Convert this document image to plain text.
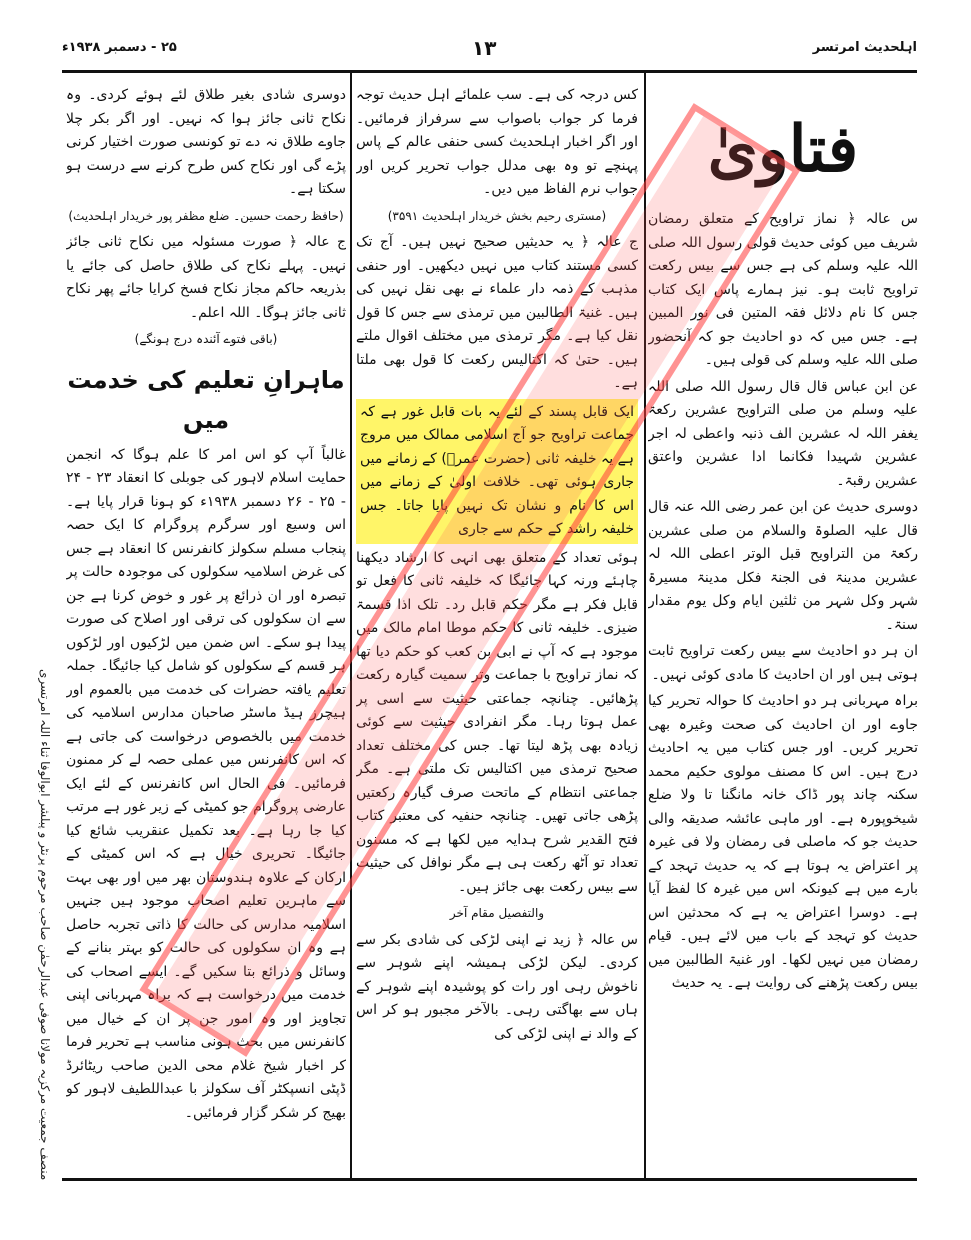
۲۵ - دسمبر ۱۹۳۸ء	۱۳	اہلحدیث امرتسر
فتاویٰ

س عالہ ﴿ نماز تراویح کے متعلق رمضان شریف میں کوئی حدیث قولی رسول اللہ صلی اللہ علیہ وسلم کی ہے جس سے بیس رکعت تراویح ثابت ہو۔ نیز ہمارے پاس ایک کتاب جس کا نام دلائل فقہ المتین فی نور المبین ہے۔ جس میں کہ دو احادیث جو کہ آنحضور صلی اللہ علیہ وسلم کی قولی ہیں۔

عن ابن عباس قال قال رسول اللہ صلی اللہ علیہ وسلم من صلی التراویح عشرین رکعۃ یغفر اللہ لہ عشرین الف ذنبہ واعطی لہ اجر عشرین شہیدا فکانما ادا عشرین واعتق عشرین رقبۃ۔

دوسری حدیث عن ابن عمر رضی اللہ عنہ قال قال علیہ الصلوۃ والسلام من صلی عشرین رکعۃ من التراویح قبل الوتر اعطی اللہ لہ عشرین مدینۃ فی الجنۃ فکل مدینۃ مسیرۃ شہر وکل شہر من ثلثین ایام وکل یوم مقدار سنۃ۔

ان ہر دو احادیث سے بیس رکعت تراویح ثابت ہوتی ہیں اور ان احادیث کا مادی کوئی نہیں۔

براہ مہربانی ہر دو احادیث کا حوالہ تحریر کیا جاوے اور ان احادیث کی صحت وغیرہ بھی تحریر کریں۔ اور جس کتاب میں یہ احادیث درج ہیں۔ اس کا مصنف مولوی حکیم محمد سکنہ چاند پور ڈاک خانہ مانگنا تا ولا ضلع شیخوپورہ ہے۔ اور ماہی عائشہ صدیقہ والی حدیث جو کہ ماصلی فی رمضان ولا فی غیرہ پر اعتراض یہ ہوتا ہے کہ یہ حدیث تہجد کے بارے میں ہے کیونکہ اس میں غیرہ کا لفظ آیا ہے۔ دوسرا اعتراض یہ ہے کہ محدثین اس حدیث کو تہجد کے باب میں لائے ہیں۔ قیام رمضان میں نہیں لکھا۔ اور غنیۃ الطالبین میں بیس رکعت پڑھنے کی روایت ہے۔ یہ حدیث

کس درجہ کی ہے۔ سب علمائے اہل حدیث توجہ فرما کر جواب باصواب سے سرفراز فرمائیں۔ اور اگر اخبار اہلحدیث کسی حنفی عالم کے پاس پہنچے تو وہ بھی مدلل جواب تحریر کریں اور جواب نرم الفاظ میں دیں۔

(مستری رحیم بخش خریدار اہلحدیث ۳۵۹۱)

ج عالہ ﴿ یہ حدیثیں صحیح نہیں ہیں۔ آج تک کسی مستند کتاب میں نہیں دیکھیں۔ اور حنفی مذہب کے ذمہ دار علماء نے بھی نقل نہیں کی ہیں۔ غنیۃ الطالبین میں ترمذی سے جس کا قول نقل کیا ہے۔ مگر ترمذی میں مختلف اقوال ملتے ہیں۔ حتیٰ کہ اکتالیس رکعت کا قول بھی ملتا ہے۔

ایک قابل پسند کے لئے یہ بات قابل غور ہے کہ جماعت تراویح جو آج اسلامی ممالک میں مروج ہے یہ خلیفہ ثانی (حضرت عمرؓ) کے زمانے میں جاری ہوئی تھی۔ خلافت اولیٰ کے زمانے میں اس کا نام و نشان تک نہیں پایا جاتا۔ جس خلیفہ راشد کے حکم سے جاری

ہوئی تعداد کے متعلق بھی انہی کا ارشاد دیکھنا چاہئے ورنہ کہا جائیگا کہ خلیفہ ثانی کا فعل تو قابل فکر ہے مگر حکم قابل رد۔ تلک اذا قسمۃ ضیزی۔ خلیفہ ثانی کا حکم موطا امام مالک میں موجود ہے کہ آپ نے ابی بن کعب کو حکم دیا تھا کہ نماز تراویح با جماعت وتر سمیت گیارہ رکعت پڑھائیں۔ چنانچہ جماعتی حیثیت سے اسی پر عمل ہوتا رہا۔ مگر انفرادی حیثیت سے کوئی زیادہ بھی پڑھ لیتا تھا۔ جس کی مختلف تعداد صحیح ترمذی میں اکتالیس تک ملتی ہے۔ مگر جماعتی انتظام کے ماتحت صرف گیارہ رکعتیں پڑھی جاتی تھیں۔ چنانچہ حنفیہ کی معتبر کتاب فتح القدیر شرح ہدایہ میں لکھا ہے کہ مسنون تعداد تو آٹھ رکعت ہی ہے مگر نوافل کی حیثیت سے بیس رکعت بھی جائز ہیں۔

والتفصیل مقام آخر

س عالہ ﴿ زید نے اپنی لڑکی کی شادی بکر سے کردی۔ لیکن لڑکی ہمیشہ اپنے شوہر سے ناخوش رہی اور رات کو پوشیدہ اپنے شوہر کے ہاں سے بھاگتی رہی۔ بالآخر مجبور ہو کر اس کے والد نے اپنی لڑکی کی

دوسری شادی بغیر طلاق لئے ہوئے کردی۔ وہ نکاح ثانی جائز ہوا کہ نہیں۔ اور اگر بکر چلا جاوے طلاق نہ دے تو کونسی صورت اختیار کرنی پڑے گی اور نکاح کس طرح کرنے سے درست ہو سکتا ہے۔

(حافظ رحمت حسین۔ ضلع مظفر پور خریدار اہلحدیث)

ج عالہ ﴿ صورت مسئولہ میں نکاح ثانی جائز نہیں۔ پہلے نکاح کی طلاق حاصل کی جائے یا بذریعہ حاکم مجاز نکاح فسخ کرایا جائے پھر نکاح ثانی جائز ہوگا۔ اللہ اعلم۔

(باقی فتوے آئندہ درج ہونگے)

ماہرانِ تعلیم کی خدمت میں

غالباً آپ کو اس امر کا علم ہوگا کہ انجمن حمایت اسلام لاہور کی جوبلی کا انعقاد ۲۳ - ۲۴ - ۲۵ - ۲۶ دسمبر ۱۹۳۸ء کو ہونا قرار پایا ہے۔ اس وسیع اور سرگرم پروگرام کا ایک حصہ پنجاب مسلم سکولز کانفرنس کا انعقاد ہے جس کی غرض اسلامیہ سکولوں کی موجودہ حالت پر تبصرہ اور ان ذرائع پر غور و خوض کرنا ہے جن سے ان سکولوں کی ترقی اور اصلاح کی صورت پیدا ہو سکے۔ اس ضمن میں لڑکیوں اور لڑکوں ہر قسم کے سکولوں کو شامل کیا جائیگا۔ جملہ تعلیم یافتہ حضرات کی خدمت میں بالعموم اور ہیچرز ہیڈ ماسٹر صاحبان مدارس اسلامیہ کی خدمت میں بالخصوص درخواست کی جاتی ہے کہ اس کانفرنس میں عملی حصہ لے کر ممنون فرمائیں۔ فی الحال اس کانفرنس کے لئے ایک عارضی پروگرام جو کمیٹی کے زیر غور ہے مرتب کیا جا رہا ہے۔ بعد تکمیل عنقریب شائع کیا جائیگا۔ تحریری خیال ہے کہ اس کمیٹی کے ارکان کے علاوہ ہندوستان بھر میں اور بھی بہت سے ماہرین تعلیم اصحاب موجود ہیں جنہیں اسلامیہ مدارس کی حالت کا ذاتی تجربہ حاصل ہے وہ ان سکولوں کی حالت کو بہتر بنانے کے وسائل و ذرائع بتا سکیں گے۔ ایسے اصحاب کی خدمت میں درخواست ہے کہ براہ مہربانی اپنی تجاویز اور وہ امور جن پر ان کے خیال میں کانفرنس میں بحث ہونی مناسب ہے تحریر فرما کر اخبار شیخ غلام محی الدین صاحب ریٹائرڈ ڈپٹی انسپکٹر آف سکولز با عبداللطیف لاہور کو بھیج کر شکر گزار فرمائیں۔

منصف جمعیت مرکزیہ مولانا صوفی عبدالرحمٰن صاحب مرحوم پرنٹر و پبلشر ابوالوفا ثناء اللہ امرتسری
